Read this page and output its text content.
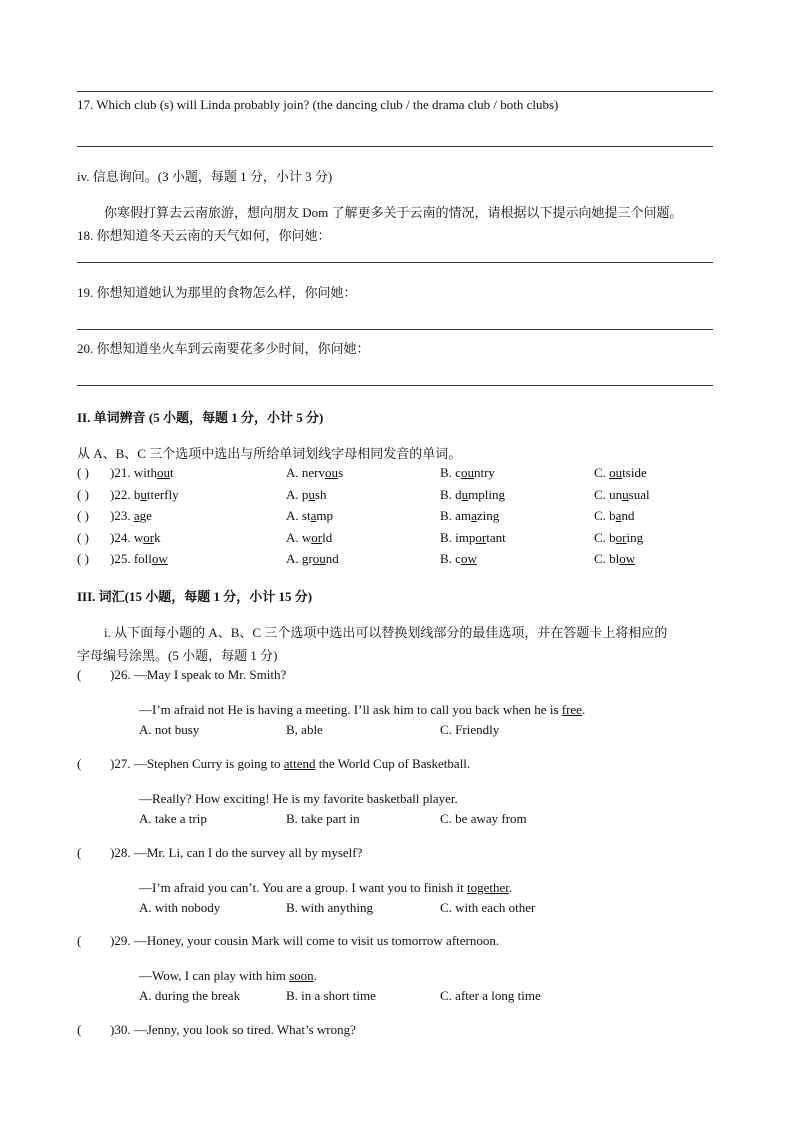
17. Which club (s) will Linda probably join? (the dancing club / the drama club / both clubs)
iv. 信息询问。(3 小题，每题 1 分，小计 3 分)
你寒假打算去云南旅游，想向朋友 Dom 了解更多关于云南的情况，请根据以下提示向她提三个问题。
18. 你想知道冬天云南的天气如何，你问她：
19. 你想知道她认为那里的食物怎么样，你问她：
20. 你想知道坐火车到云南要花多少时间，你问她：
II. 单词辨音 (5 小题，每题 1 分，小计 5 分)
从 A、B、C 三个选项中选出与所给单词划线字母相同发音的单词。
( ) )21. without	A. nervous	B. country	C. outside
( ) )22. butterfly	A. push	B. dumpling	C. unusual
( ) )23. age	A. stamp	B. amazing	C. band
( ) )24. work	A. world	B. important	C. boring
( ) )25. follow	A. ground	B. cow	C. blow
III. 词汇(15 小题，每题 1 分，小计 15 分)
i. 从下面每小题的 A、B、C 三个选项中选出可以替换划线部分的最佳选项，并在答题卡上将相应的
字母编号涂黑。(5 小题，每题 1 分)
( )26. —May I speak to Mr. Smith?
—I’m afraid not He is having a meeting. I’ll ask him to call you back when he is free.
A. not busy	B, able	C. Friendly
( )27. —Stephen Curry is going to attend the World Cup of Basketball.
—Really? How exciting! He is my favorite basketball player.
A. take a trip	B. take part in	C. be away from
( )28. —Mr. Li, can I do the survey all by myself?
—I’m afraid you can’t. You are a group. I want you to finish it together.
A. with nobody	B. with anything	C. with each other
( )29. —Honey, your cousin Mark will come to visit us tomorrow afternoon.
—Wow, I can play with him soon.
A. during the break	B. in a short time	C. after a long time
( )30. —Jenny, you look so tired. What’s wrong?
